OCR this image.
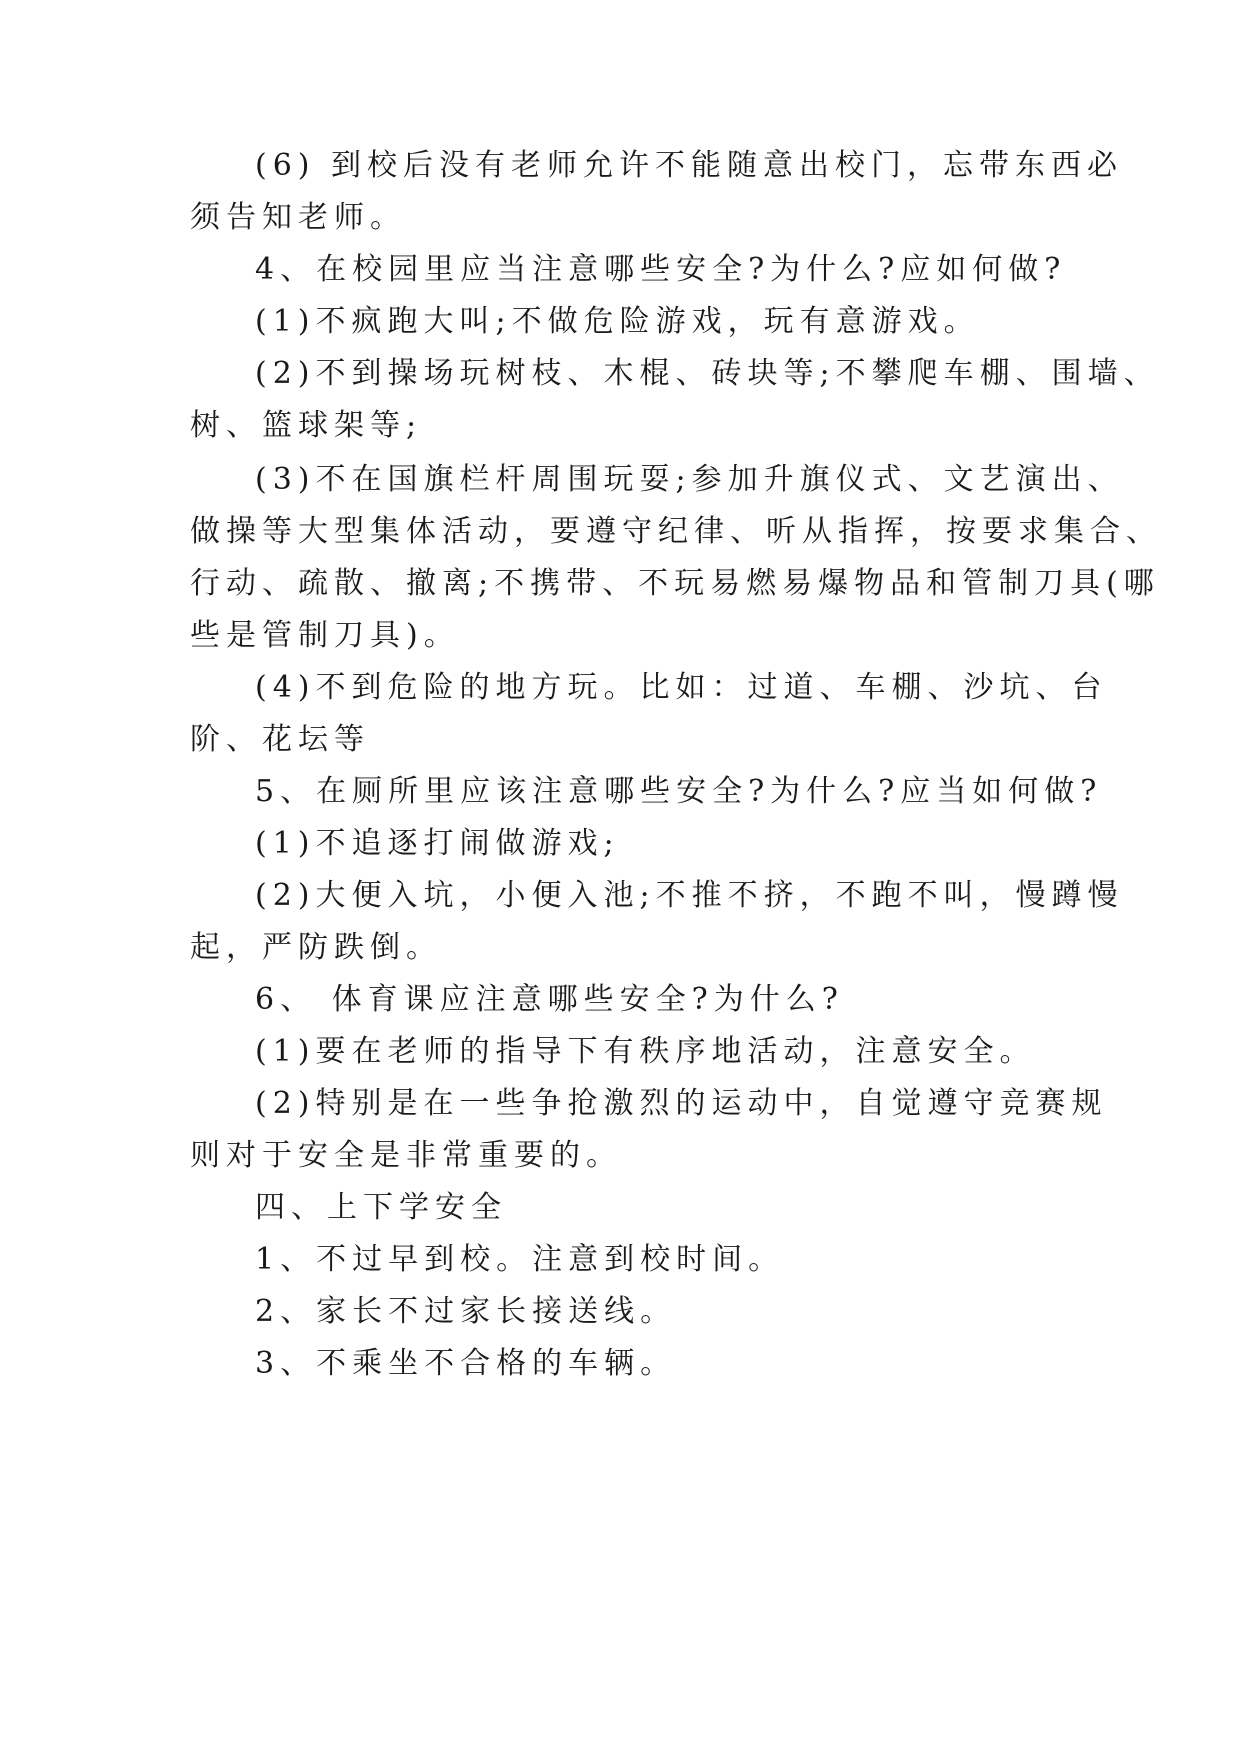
(6) 到校后没有老师允许不能随意出校门，忘带东西必
须告知老师。
4、在校园里应当注意哪些安全?为什么?应如何做?
(1)不疯跑大叫;不做危险游戏，玩有意游戏。
(2)不到操场玩树枝、木棍、砖块等;不攀爬车棚、围墙、
树、篮球架等;
(3)不在国旗栏杆周围玩耍;参加升旗仪式、文艺演出、
做操等大型集体活动，要遵守纪律、听从指挥，按要求集合、
行动、疏散、撤离;不携带、不玩易燃易爆物品和管制刀具(哪
些是管制刀具)。
(4)不到危险的地方玩。比如：过道、车棚、沙坑、台
阶、花坛等
5、在厕所里应该注意哪些安全?为什么?应当如何做?
(1)不追逐打闹做游戏;
(2)大便入坑，小便入池;不推不挤，不跑不叫，慢蹲慢
起，严防跌倒。
6、 体育课应注意哪些安全?为什么?
(1)要在老师的指导下有秩序地活动，注意安全。
(2)特别是在一些争抢激烈的运动中，自觉遵守竞赛规
则对于安全是非常重要的。
四、上下学安全
1、不过早到校。注意到校时间。
2、家长不过家长接送线。
3、不乘坐不合格的车辆。
